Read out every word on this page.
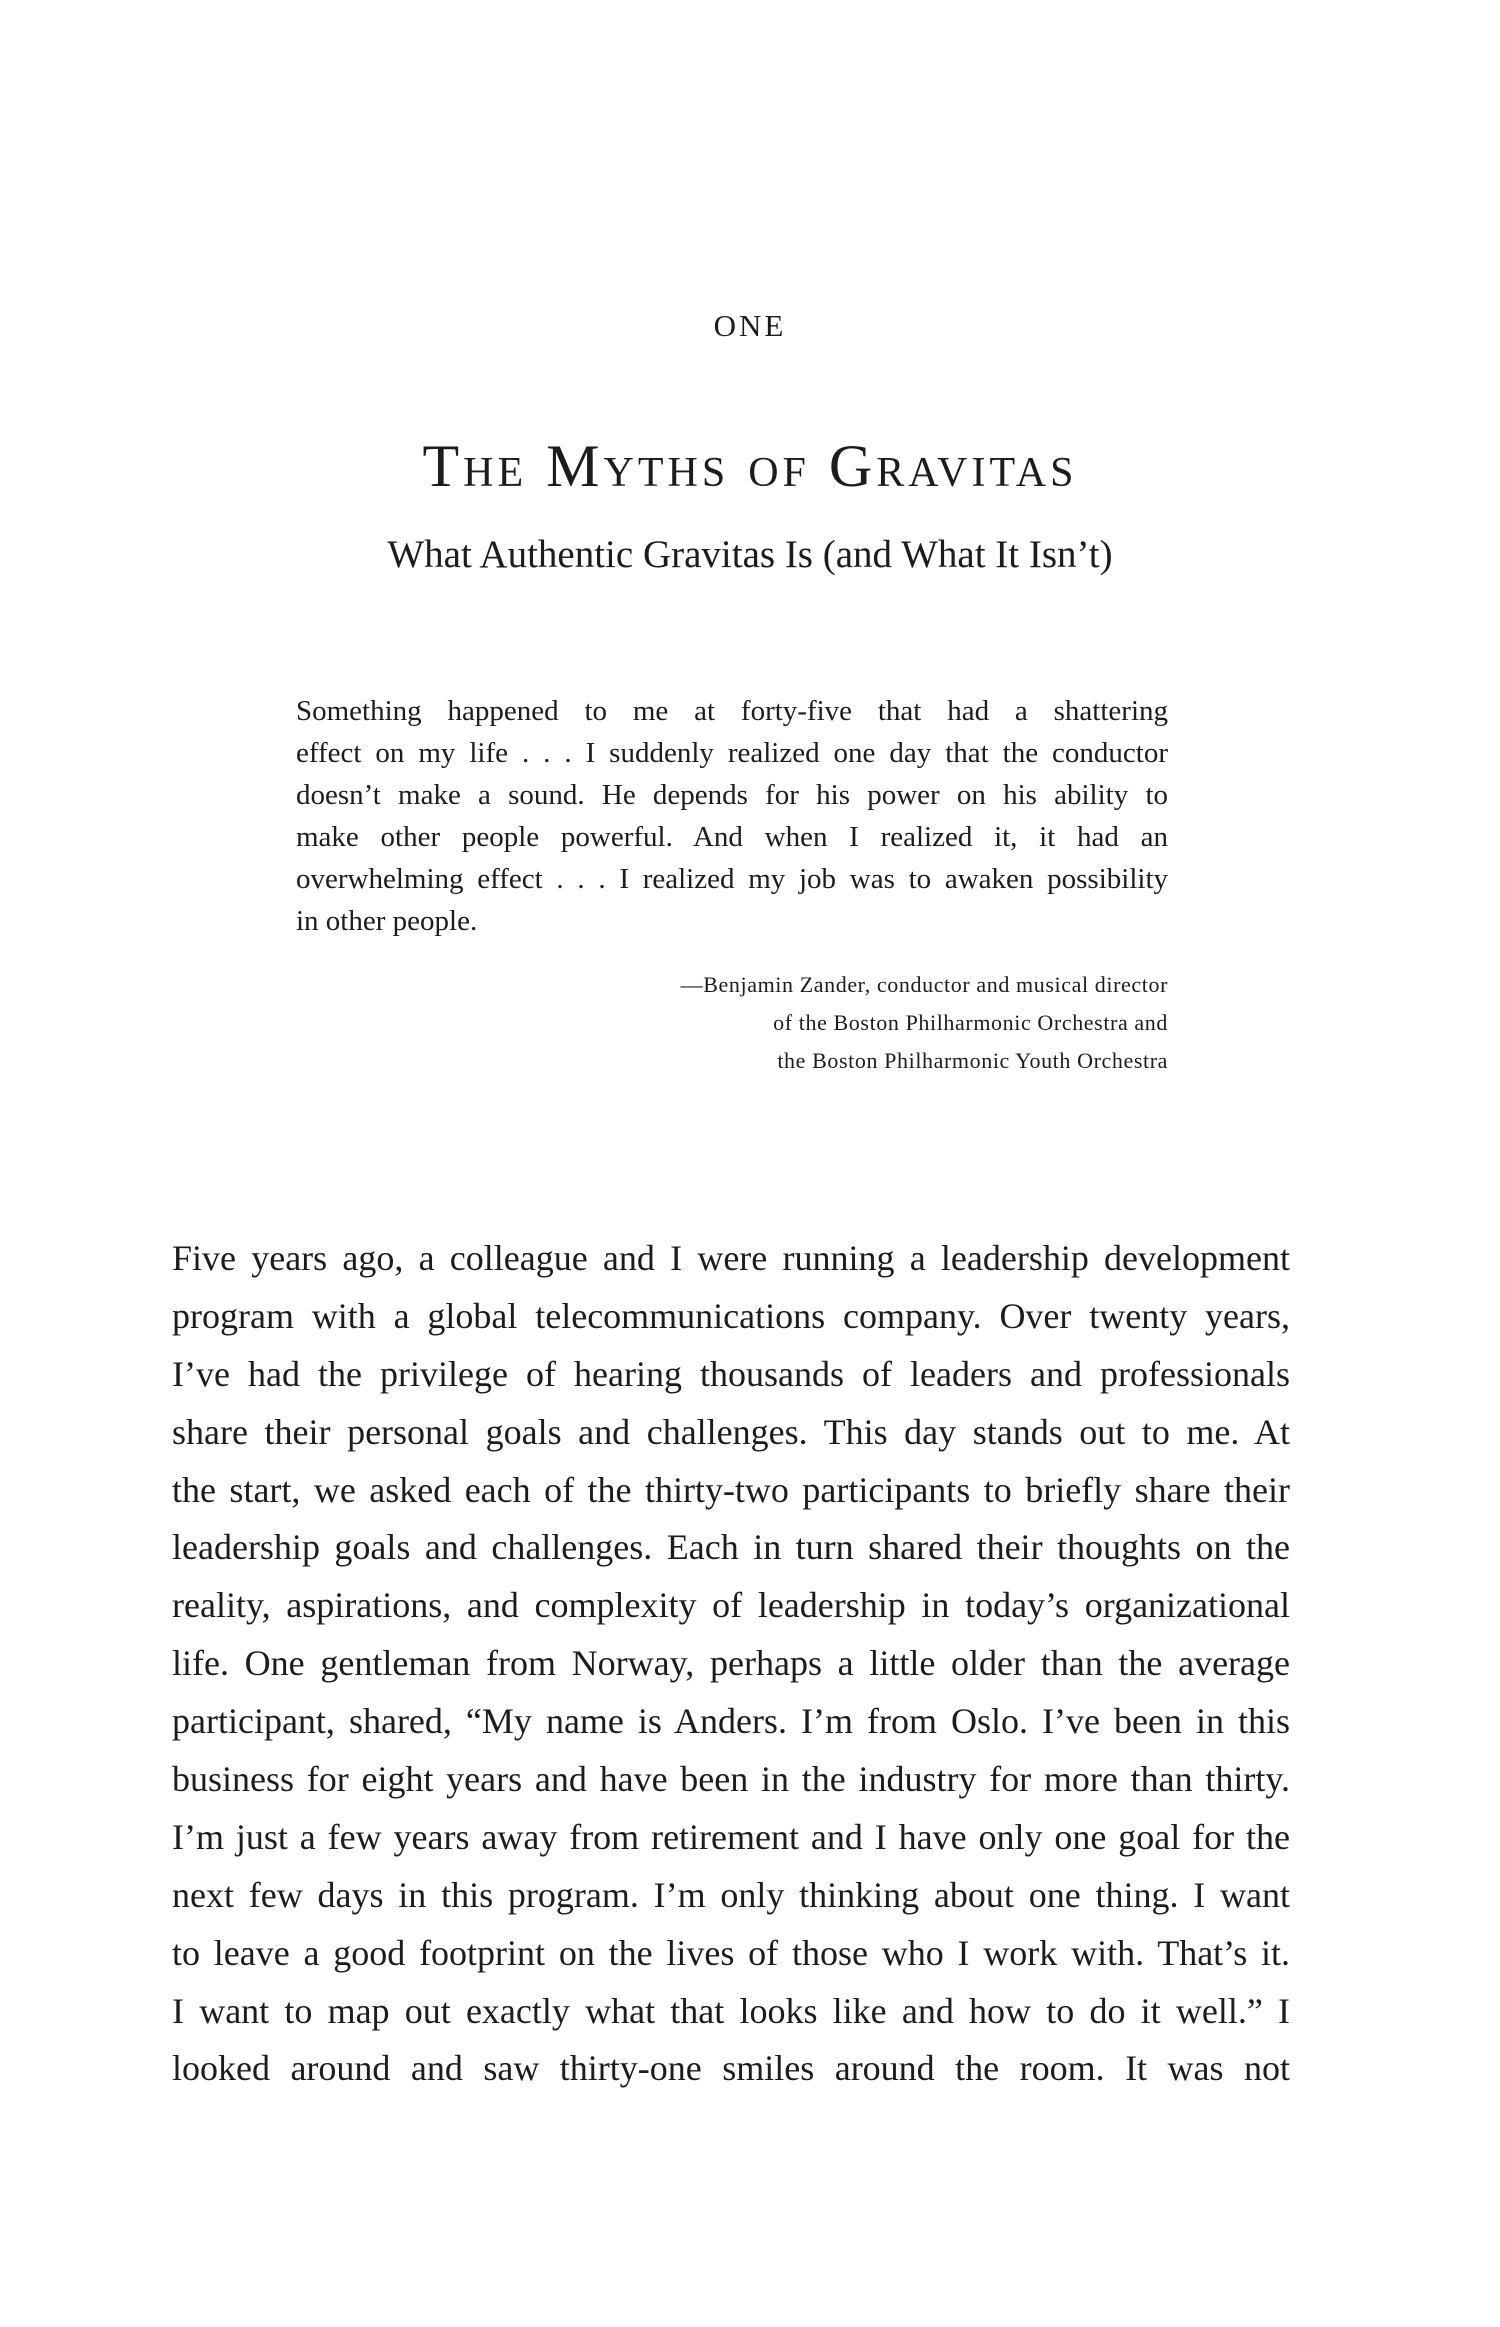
ONE
The Myths of Gravitas
What Authentic Gravitas Is (and What It Isn’t)
Something happened to me at forty-five that had a shattering
effect on my life . . . I suddenly realized one day that the conductor
doesn’t make a sound. He depends for his power on his ability to
make other people powerful. And when I realized it, it had an
overwhelming effect . . . I realized my job was to awaken possibility
in other people.
—Benjamin Zander, conductor and musical director
of the Boston Philharmonic Orchestra and
the Boston Philharmonic Youth Orchestra
Five years ago, a colleague and I were running a leadership development
program with a global telecommunications company. Over twenty years,
I’ve had the privilege of hearing thousands of leaders and professionals
share their personal goals and challenges. This day stands out to me. At
the start, we asked each of the thirty-two participants to briefly share their
leadership goals and challenges. Each in turn shared their thoughts on the
reality, aspirations, and complexity of leadership in today’s organizational
life. One gentleman from Norway, perhaps a little older than the average
participant, shared, “My name is Anders. I’m from Oslo. I’ve been in this
business for eight years and have been in the industry for more than thirty.
I’m just a few years away from retirement and I have only one goal for the
next few days in this program. I’m only thinking about one thing. I want
to leave a good footprint on the lives of those who I work with. That’s it.
I want to map out exactly what that looks like and how to do it well.” I
looked around and saw thirty-one smiles around the room. It was not
